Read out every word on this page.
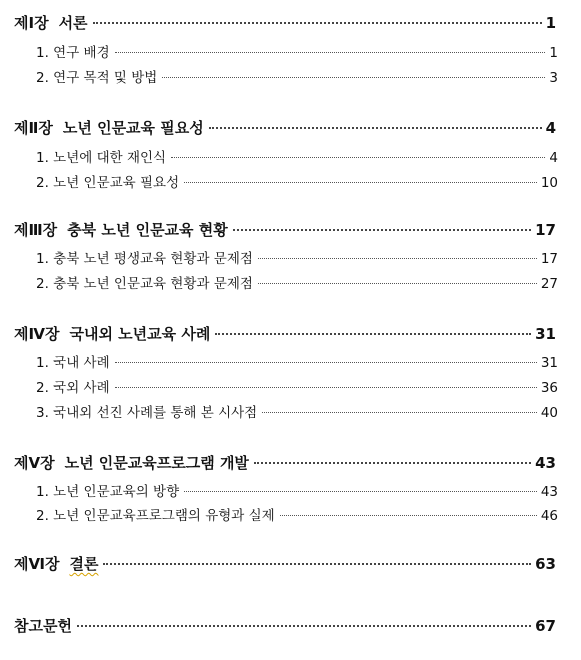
제Ⅰ장 서론	1
1. 연구 배경	1
2. 연구 목적 및 방법	3
제Ⅱ장 노년 인문교육 필요성	4
1. 노년에 대한 재인식	4
2. 노년 인문교육 필요성	10
제Ⅲ장 충북 노년 인문교육 현황	17
1. 충북 노년 평생교육 현황과 문제점	17
2. 충북 노년 인문교육 현황과 문제점	27
제Ⅳ장 국내외 노년교육 사례	31
1. 국내 사례	31
2. 국외 사례	36
3. 국내외 선진 사례를 통해 본 시사점	40
제Ⅴ장 노년 인문교육프로그램 개발	43
1. 노년 인문교육의 방향	43
2. 노년 인문교육프로그램의 유형과 실제	46
제Ⅵ장 결론	63
참고문헌	67
